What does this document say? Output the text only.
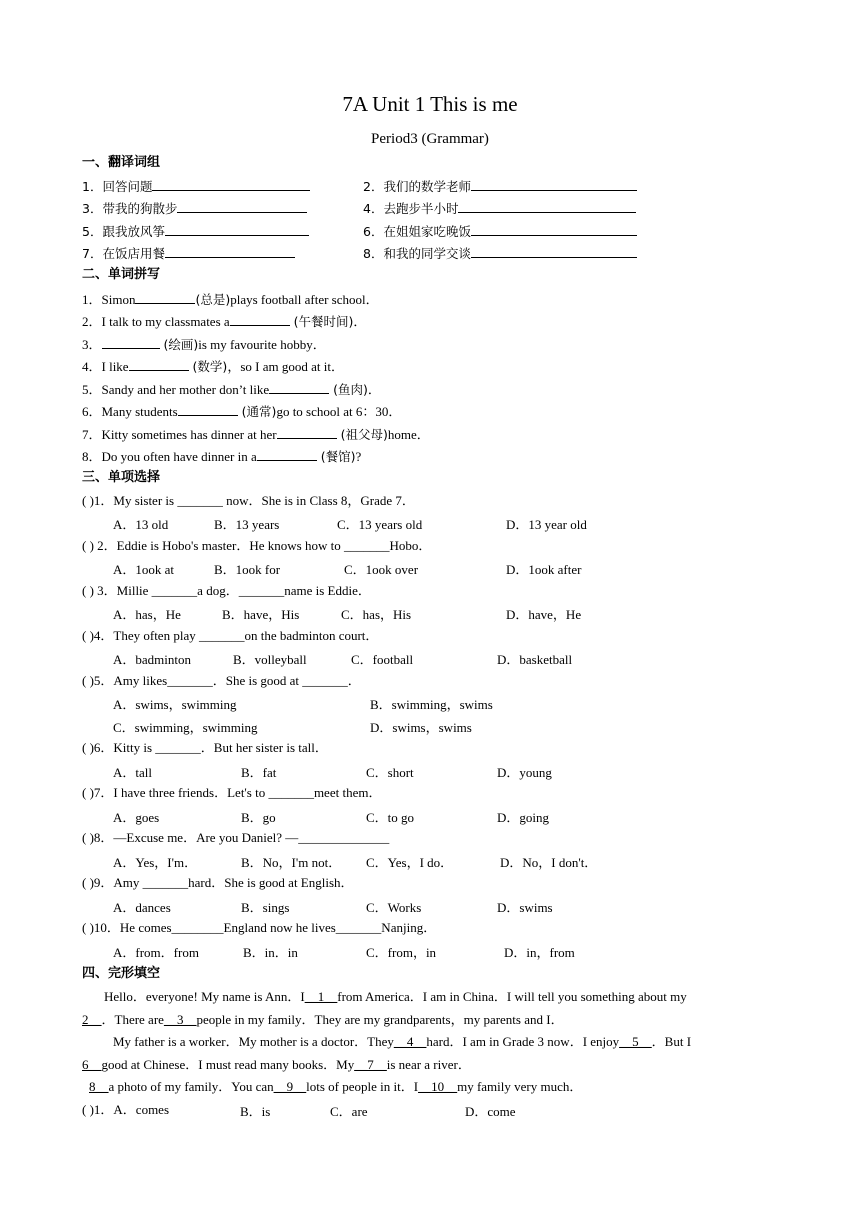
7A Unit 1 This is me
Period3 (Grammar)
一、翻译词组
1．回答问题	2．我们的数学老师
3．带我的狗散步	4．去跑步半小时
5．跟我放风筝	6．在姐姐家吃晚饭
7．在饭店用餐	8．和我的同学交谈
二、单词拼写
1．Simon	(总是)plays football after school．
2．I talk to my classmates a	(午餐时间)．
3．	(绘画)is my favourite hobby．
4．I like	(数学)，so I am good at it．
5．Sandy and her mother don’t like	(鱼肉)．
6．Many students	(通常)go to school at 6：30．
7．Kitty sometimes has dinner at her	(祖父母)home．
8．Do you often have dinner in a	(餐馆)?
三、单项选择
( )1．My sister is _______ now．She is in Class 8，Grade 7．
A．13 old	B．13 years	C．13 years old	D．13 year old
( ) 2．Eddie is Hobo's master．He knows how to _______Hobo．
A．1ook at	B．1ook for	C．1ook over	D．1ook after
( ) 3．Millie _______a dog．_______name is Eddie．
A．has，He	B．have，His	C．has，His	D．have，He
( )4．They often play _______on the badminton court．
A．badminton	B．volleyball	C．football	D．basketball
( )5．Amy likes_______．She is good at _______．
A．swims，swimming	B．swimming，swims
C．swimming，swimming	D．swims，swims
( )6．Kitty is _______．But her sister is tall．
A．tall	B．fat	C．short	D．young
( )7．I have three friends．Let's to _______meet them．
A．goes	B．go	C．to go	D．going
( )8．—Excuse me．Are you Daniel? —______________
A．Yes，I'm．	B．No，I'm not． C．Yes，I do．	D．No，I don't．
( )9．Amy _______hard．She is good at English．
A．dances	B．sings	C．Works	D．swims
( )10．He comes________England now he lives_______Nanjing．
A．from．from	B．in．in	C．from，in	D．in，from
四、完形填空
Hello．everyone! My name is Ann．I__1__from America．I am in China．I will tell you something about my
2__．There are__3__people in my family．They are my grandparents，my parents and I．
My father is a worker．My mother is a doctor．They__4__hard．I am in Grade 3 now．I enjoy__5__．But I
6__good at Chinese．I must read many books．My__7__is near a river．
8__a photo of my family．You can__9__lots of people in it．I__10__my family very much．
( )1．A．comes	B．is	C．are	D．come
